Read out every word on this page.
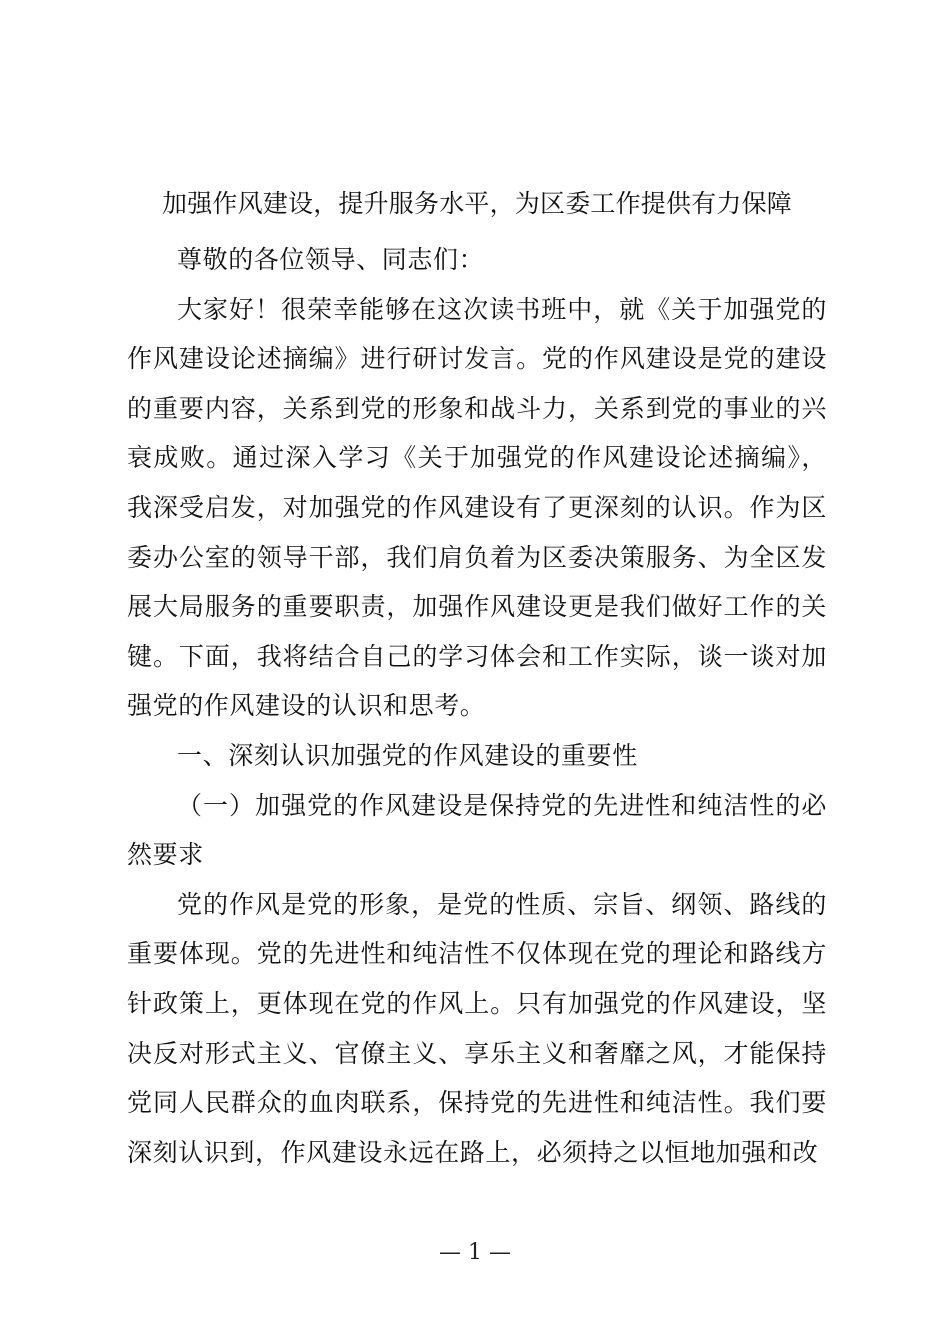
加强作风建设，提升服务水平，为区委工作提供有力保障

尊敬的各位领导、同志们：

大家好！很荣幸能够在这次读书班中，就《关于加强党的作风建设论述摘编》进行研讨发言。党的作风建设是党的建设的重要内容，关系到党的形象和战斗力，关系到党的事业的兴衰成败。通过深入学习《关于加强党的作风建设论述摘编》，我深受启发，对加强党的作风建设有了更深刻的认识。作为区委办公室的领导干部，我们肩负着为区委决策服务、为全区发展大局服务的重要职责，加强作风建设更是我们做好工作的关键。下面，我将结合自己的学习体会和工作实际，谈一谈对加强党的作风建设的认识和思考。

一、深刻认识加强党的作风建设的重要性

（一）加强党的作风建设是保持党的先进性和纯洁性的必然要求

党的作风是党的形象，是党的性质、宗旨、纲领、路线的重要体现。党的先进性和纯洁性不仅体现在党的理论和路线方针政策上，更体现在党的作风上。只有加强党的作风建设，坚决反对形式主义、官僚主义、享乐主义和奢靡之风，才能保持党同人民群众的血肉联系，保持党的先进性和纯洁性。我们要深刻认识到，作风建设永远在路上，必须持之以恒地加强和改

— 1 —
